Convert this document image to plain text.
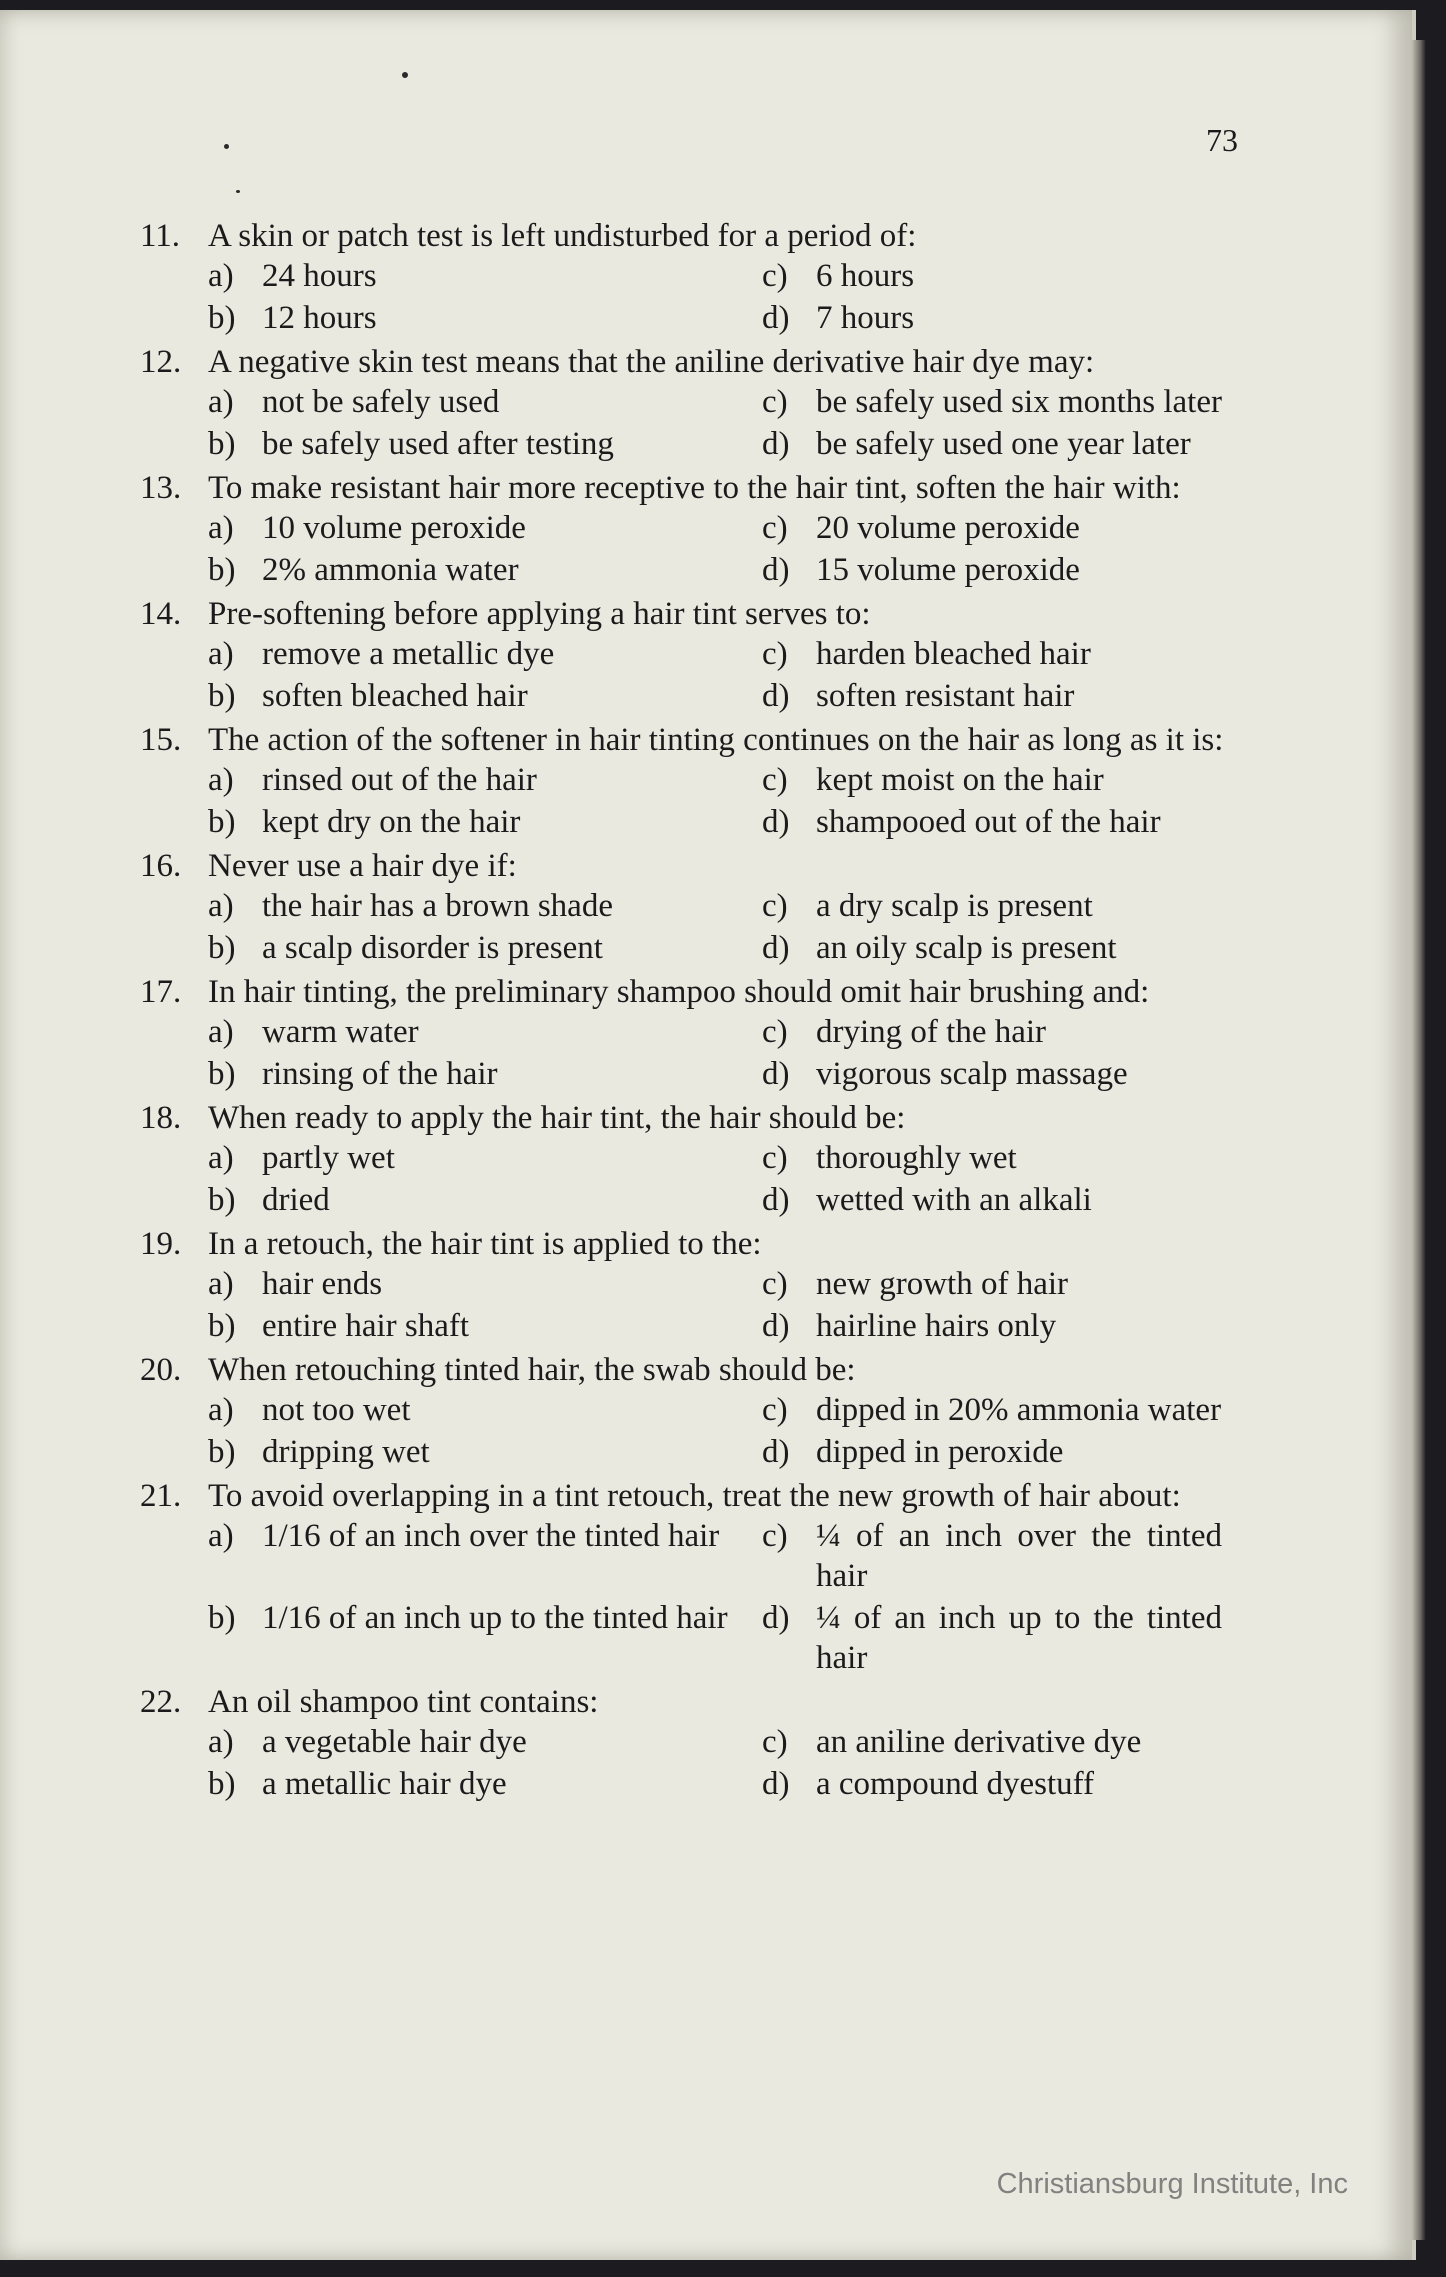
73
11. A skin or patch test is left undisturbed for a period of:
a) 24 hours	c) 6 hours
b) 12 hours	d) 7 hours
12. A negative skin test means that the aniline derivative hair dye may:
a) not be safely used	c) be safely used six months later
b) be safely used after testing	d) be safely used one year later
13. To make resistant hair more receptive to the hair tint, soften the hair with:
a) 10 volume peroxide	c) 20 volume peroxide
b) 2% ammonia water	d) 15 volume peroxide
14. Pre-softening before applying a hair tint serves to:
a) remove a metallic dye	c) harden bleached hair
b) soften bleached hair	d) soften resistant hair
15. The action of the softener in hair tinting continues on the hair as long as it is:
a) rinsed out of the hair	c) kept moist on the hair
b) kept dry on the hair	d) shampooed out of the hair
16. Never use a hair dye if:
a) the hair has a brown shade	c) a dry scalp is present
b) a scalp disorder is present	d) an oily scalp is present
17. In hair tinting, the preliminary shampoo should omit hair brushing and:
a) warm water	c) drying of the hair
b) rinsing of the hair	d) vigorous scalp massage
18. When ready to apply the hair tint, the hair should be:
a) partly wet	c) thoroughly wet
b) dried	d) wetted with an alkali
19. In a retouch, the hair tint is applied to the:
a) hair ends	c) new growth of hair
b) entire hair shaft	d) hairline hairs only
20. When retouching tinted hair, the swab should be:
a) not too wet	c) dipped in 20% ammonia water
b) dripping wet	d) dipped in peroxide
21. To avoid overlapping in a tint retouch, treat the new growth of hair about:
a) 1/16 of an inch over the tinted hair	c) ¼ of an inch over the tinted hair
b) 1/16 of an inch up to the tinted hair	d) ¼ of an inch up to the tinted hair
22. An oil shampoo tint contains:
a) a vegetable hair dye	c) an aniline derivative dye
b) a metallic hair dye	d) a compound dyestuff
Christiansburg Institute, Inc
